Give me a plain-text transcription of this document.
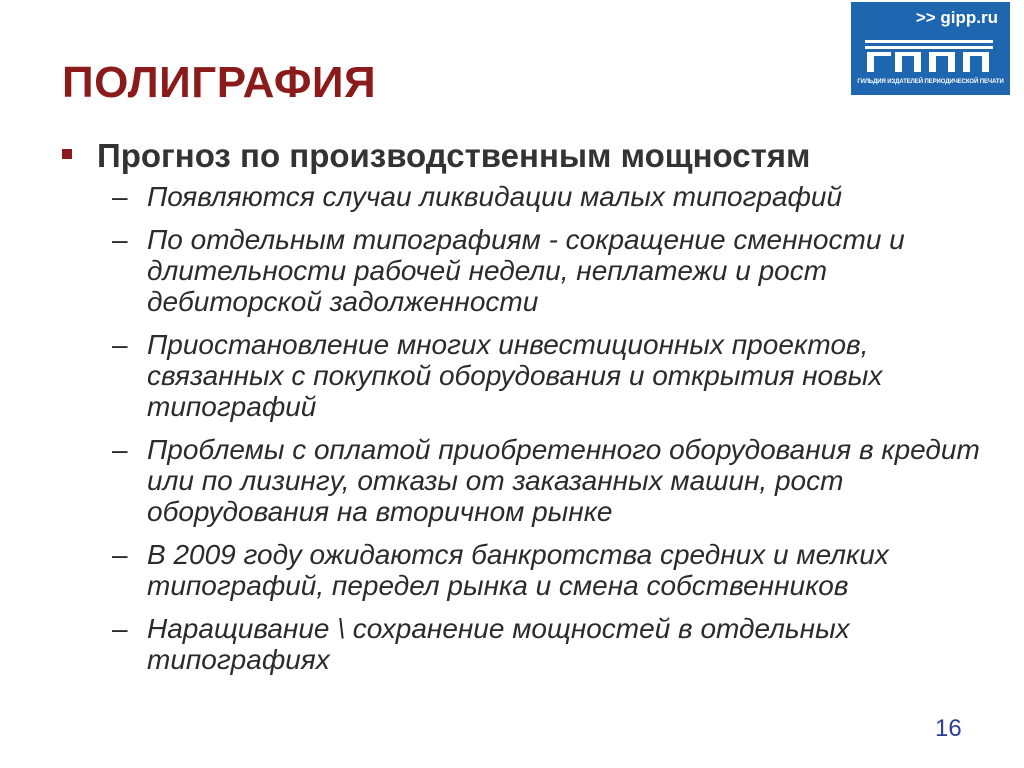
ПОЛИГРАФИЯ
>> gipp.ru
ГИЛЬДИЯ ИЗДАТЕЛЕЙ ПЕРИОДИЧЕСКОЙ ПЕЧАТИ
Прогноз по производственным мощностям
– Появляются случаи ликвидации малых типографий
– По отдельным типографиям - сокращение сменности и длительности рабочей недели, неплатежи и рост дебиторской задолженности
– Приостановление многих инвестиционных проектов, связанных с покупкой оборудования и открытия новых типографий
– Проблемы с оплатой приобретенного оборудования в кредит или по лизингу, отказы от заказанных машин, рост оборудования на вторичном рынке
– В 2009 году ожидаются банкротства средних и мелких типографий, передел рынка и смена собственников
– Наращивание \ сохранение мощностей в отдельных типографиях
16
